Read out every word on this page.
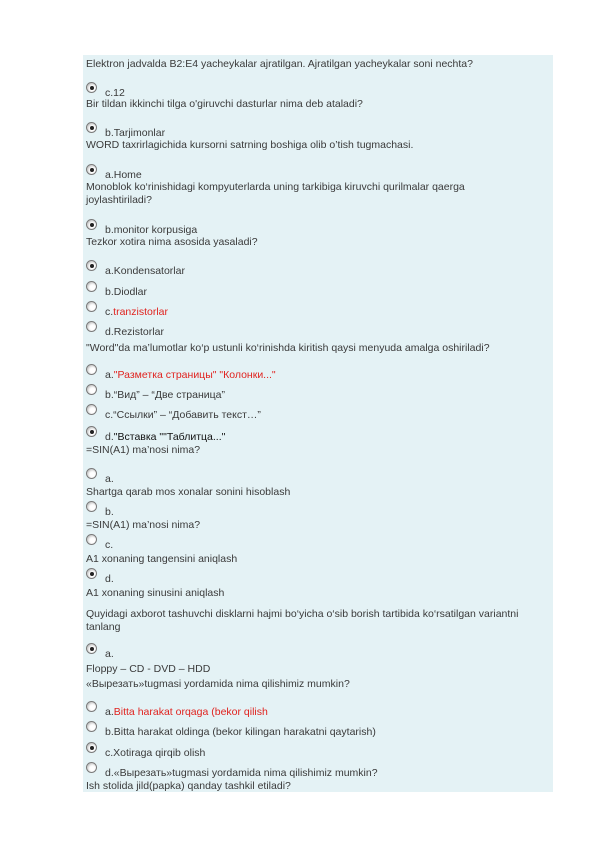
Elektron jadvalda B2:E4 yacheykalar ajratilgan. Ajratilgan yacheykalar soni nechta?
c.12
Bir tildan ikkinchi tilga o'giruvchi dasturlar nima deb ataladi?
b.Tarjimonlar
WORD taxrirlagichida kursorni satrning boshiga olib o’tish tugmachasi.
a.Home
Monoblok ko‘rinishidagi kompyuterlarda uning tarkibiga kiruvchi qurilmalar qaerga joylashtiriladi?
b.monitor korpusiga
Tezkor xotira nima asosida yasaladi?
a.Kondensatorlar
b.Diodlar
c.tranzistorlar
d.Rezistorlar
"Word"da ma’lumotlar ko‘p ustunli ko‘rinishda kiritish qaysi menyuda amalga oshiriladi?
a."Разметка страницы" "Колонки..."
b.“Вид” – “Две страница”
c.“Ссылки” – “Добавить текст…”
d."Вставка ""Таблитца..."
=SIN(A1) ma’nosi nima?
a.
Shartga qarab mos xonalar sonini hisoblash
b.
=SIN(A1) ma’nosi nima?
c.
A1 xonaning tangensini aniqlash
d.
A1 xonaning sinusini aniqlash
Quyidagi axborot tashuvchi disklarni hajmi bo‘yicha o‘sib borish tartibida ko‘rsatilgan variantni tanlang
a.
Floppy – CD - DVD – HDD
«Вырезать»tugmasi yordamida nima qilishimiz mumkin?
a.Bitta harakat orqaga (bekor qilish
b.Bitta harakat oldinga (bekor kilingan harakatni qaytarish)
c.Xotiraga qirqib olish
d.«Вырезать»tugmasi yordamida nima qilishimiz mumkin?
Ish stolida jild(papka) qanday tashkil etiladi?
